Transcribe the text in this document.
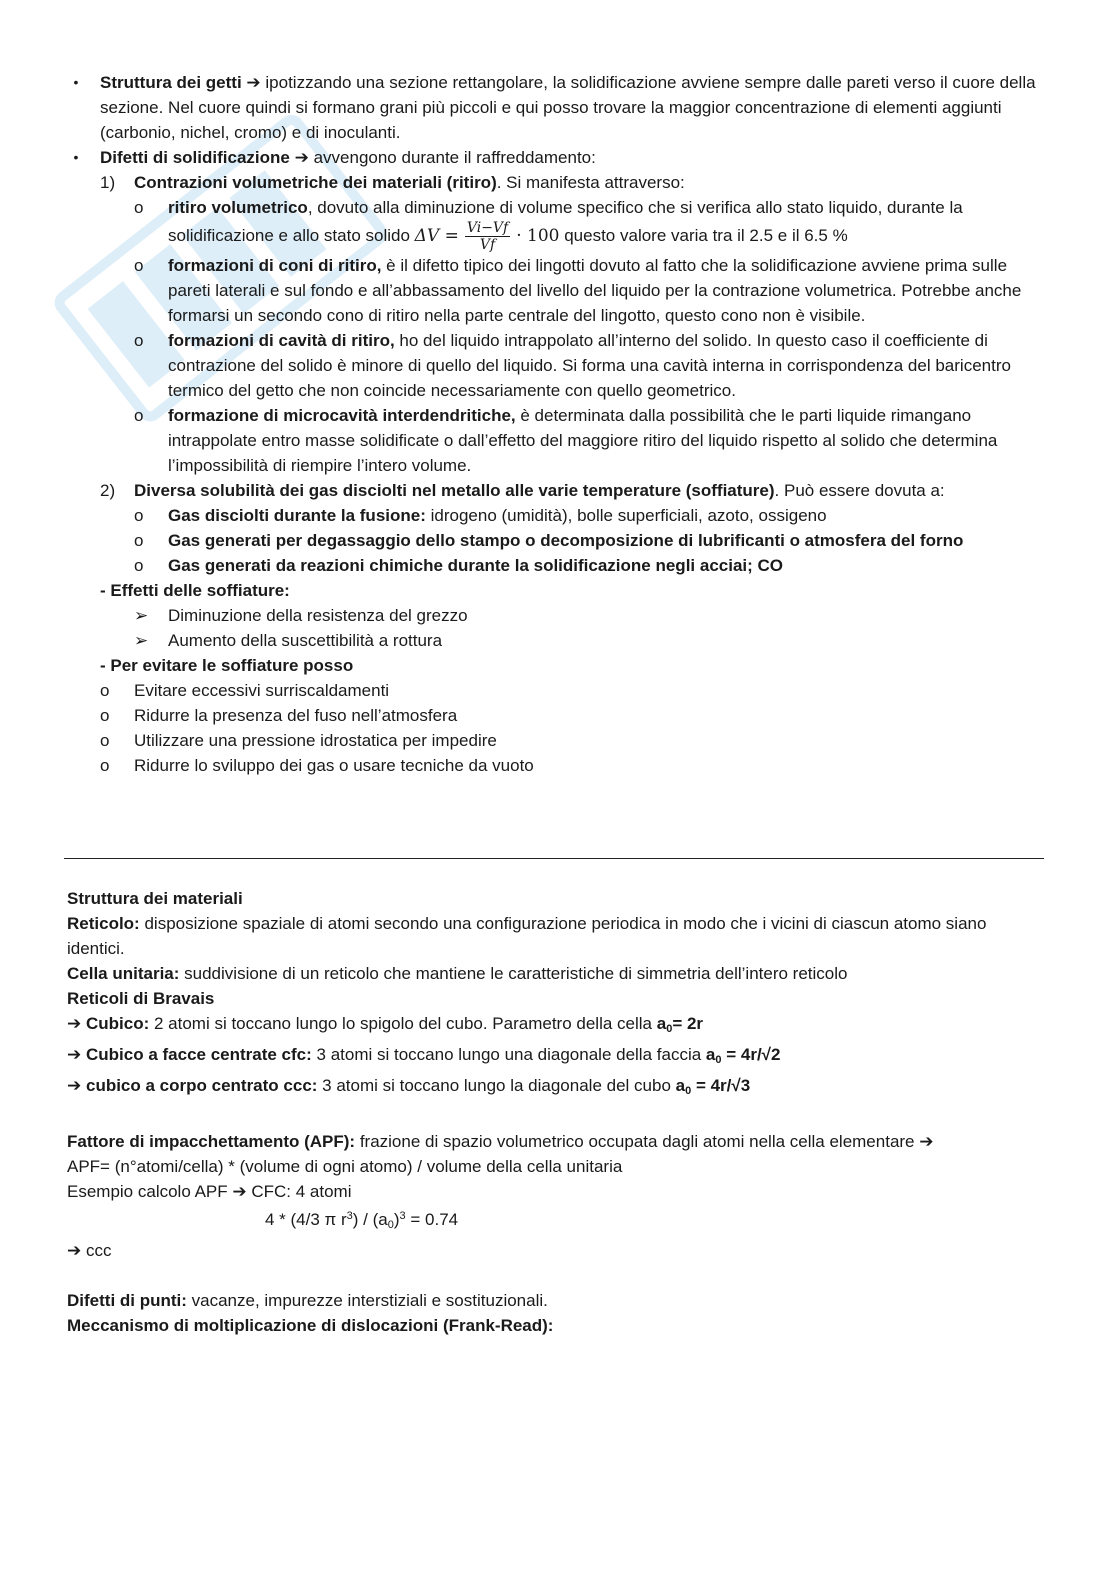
•	Struttura dei getti ➔ ipotizzando una sezione rettangolare, la solidificazione avviene sempre dalle pareti verso il cuore della sezione. Nel cuore quindi si formano grani più piccoli e qui posso trovare la maggior concentrazione di elementi aggiunti (carbonio, nichel, cromo) e di inoculanti.
•	Difetti di solidificazione ➔ avvengono durante il raffreddamento:
1)	Contrazioni volumetriche dei materiali (ritiro). Si manifesta attraverso:
o	ritiro volumetrico, dovuto alla diminuzione di volume specifico che si verifica allo stato liquido, durante la solidificazione e allo stato solido $\Delta V = \frac{Vi-Vf}{Vf} \cdot 100$ questo valore varia tra il 2.5 e il 6.5 %
o	formazioni di coni di ritiro, è il difetto tipico dei lingotti dovuto al fatto che la solidificazione avviene prima sulle pareti laterali e sul fondo e all’abbassamento del livello del liquido per la contrazione volumetrica. Potrebbe anche formarsi un secondo cono di ritiro nella parte centrale del lingotto, questo cono non è visibile.
o	formazioni di cavità di ritiro, ho del liquido intrappolato all’interno del solido. In questo caso il coefficiente di contrazione del solido è minore di quello del liquido. Si forma una cavità interna in corrispondenza del baricentro termico del getto che non coincide necessariamente con quello geometrico.
o	formazione di microcavità interdendritiche, è determinata dalla possibilità che le parti liquide rimangano intrappolate entro masse solidificate o dall’effetto del maggiore ritiro del liquido rispetto al solido che determina l’impossibilità di riempire l’intero volume.
2)	Diversa solubilità dei gas disciolti nel metallo alle varie temperature (soffiature). Può essere dovuta a:
o	Gas disciolti durante la fusione: idrogeno (umidità), bolle superficiali, azoto, ossigeno
o	Gas generati per degassaggio dello stampo o decomposizione di lubrificanti o atmosfera del forno
o	Gas generati da reazioni chimiche durante la solidificazione negli acciai; CO
- Effetti delle soffiature:
➢	Diminuzione della resistenza del grezzo
➢	Aumento della suscettibilità a rottura
- Per evitare le soffiature posso
o	Evitare eccessivi surriscaldamenti
o	Ridurre la presenza del fuso nell’atmosfera
o	Utilizzare una pressione idrostatica per impedire
o	Ridurre lo sviluppo dei gas o usare tecniche da vuoto
Struttura dei materiali
Reticolo: disposizione spaziale di atomi secondo una configurazione periodica in modo che i vicini di ciascun atomo siano identici.
Cella unitaria: suddivisione di un reticolo che mantiene le caratteristiche di simmetria dell’intero reticolo
Reticoli di Bravais
➔ Cubico: 2 atomi si toccano lungo lo spigolo del cubo. Parametro della cella $a_0= 2r$
➔ Cubico a facce centrate cfc: 3 atomi si toccano lungo una diagonale della faccia $a_0 = 4r/√2$
➔ cubico a corpo centrato ccc: 3 atomi si toccano lungo la diagonale del cubo $a_0 = 4r/√3$
Fattore di impacchettamento (APF): frazione di spazio volumetrico occupata dagli atomi nella cella elementare ➔
APF= (n°atomi/cella) * (volume di ogni atomo) / volume della cella unitaria
Esempio calcolo APF ➔ CFC: 4 atomi
4 * (4/3 π $r^3) / (a_0)^3 = 0.74$
➔ ccc
Difetti di punti: vacanze, impurezze interstiziali e sostituzionali.
Meccanismo di moltiplicazione di dislocazioni (Frank-Read):
